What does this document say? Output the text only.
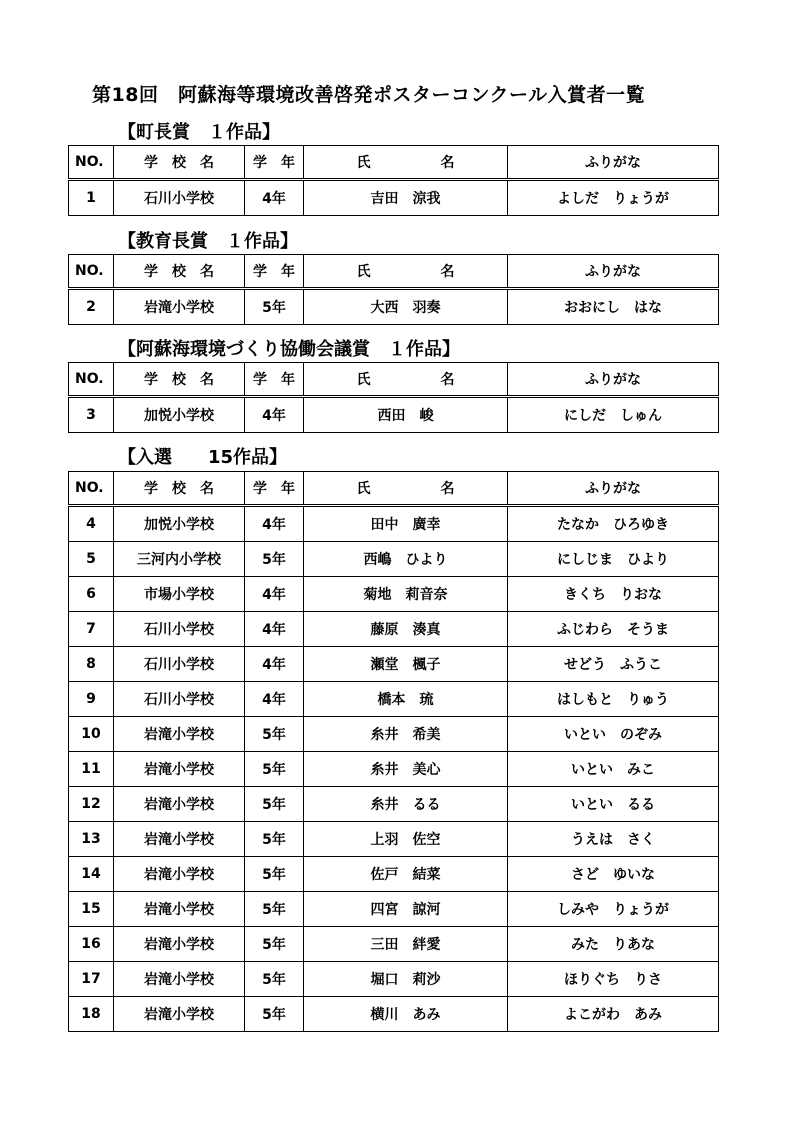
第18回　阿蘇海等環境改善啓発ポスターコンクール入賞者一覧
【町長賞　１作品】
NO.	学　校　名	学　年	氏　　　　　名	ふりがな
1	石川小学校	4年	吉田　涼我	よしだ　りょうが
【教育長賞　１作品】
NO.	学　校　名	学　年	氏　　　　　名	ふりがな
2	岩滝小学校	5年	大西　羽奏	おおにし　はな
【阿蘇海環境づくり協働会議賞　１作品】
NO.	学　校　名	学　年	氏　　　　　名	ふりがな
3	加悦小学校	4年	西田　峻	にしだ　しゅん
【入選　　15作品】
NO.	学　校　名	学　年	氏　　　　　名	ふりがな
4	加悦小学校	4年	田中　廣幸	たなか　ひろゆき
5	三河内小学校	5年	西嶋　ひより	にしじま　ひより
6	市場小学校	4年	菊地　莉音奈	きくち　りおな
7	石川小学校	4年	藤原　湊真	ふじわら　そうま
8	石川小学校	4年	瀬堂　楓子	せどう　ふうこ
9	石川小学校	4年	橋本　琉	はしもと　りゅう
10	岩滝小学校	5年	糸井　希美	いとい　のぞみ
11	岩滝小学校	5年	糸井　美心	いとい　みこ
12	岩滝小学校	5年	糸井　るる	いとい　るる
13	岩滝小学校	5年	上羽　佐空	うえは　さく
14	岩滝小学校	5年	佐戸　結菜	さど　ゆいな
15	岩滝小学校	5年	四宮　諒河	しみや　りょうが
16	岩滝小学校	5年	三田　絆愛	みた　りあな
17	岩滝小学校	5年	堀口　莉沙	ほりぐち　りさ
18	岩滝小学校	5年	横川　あみ	よこがわ　あみ
